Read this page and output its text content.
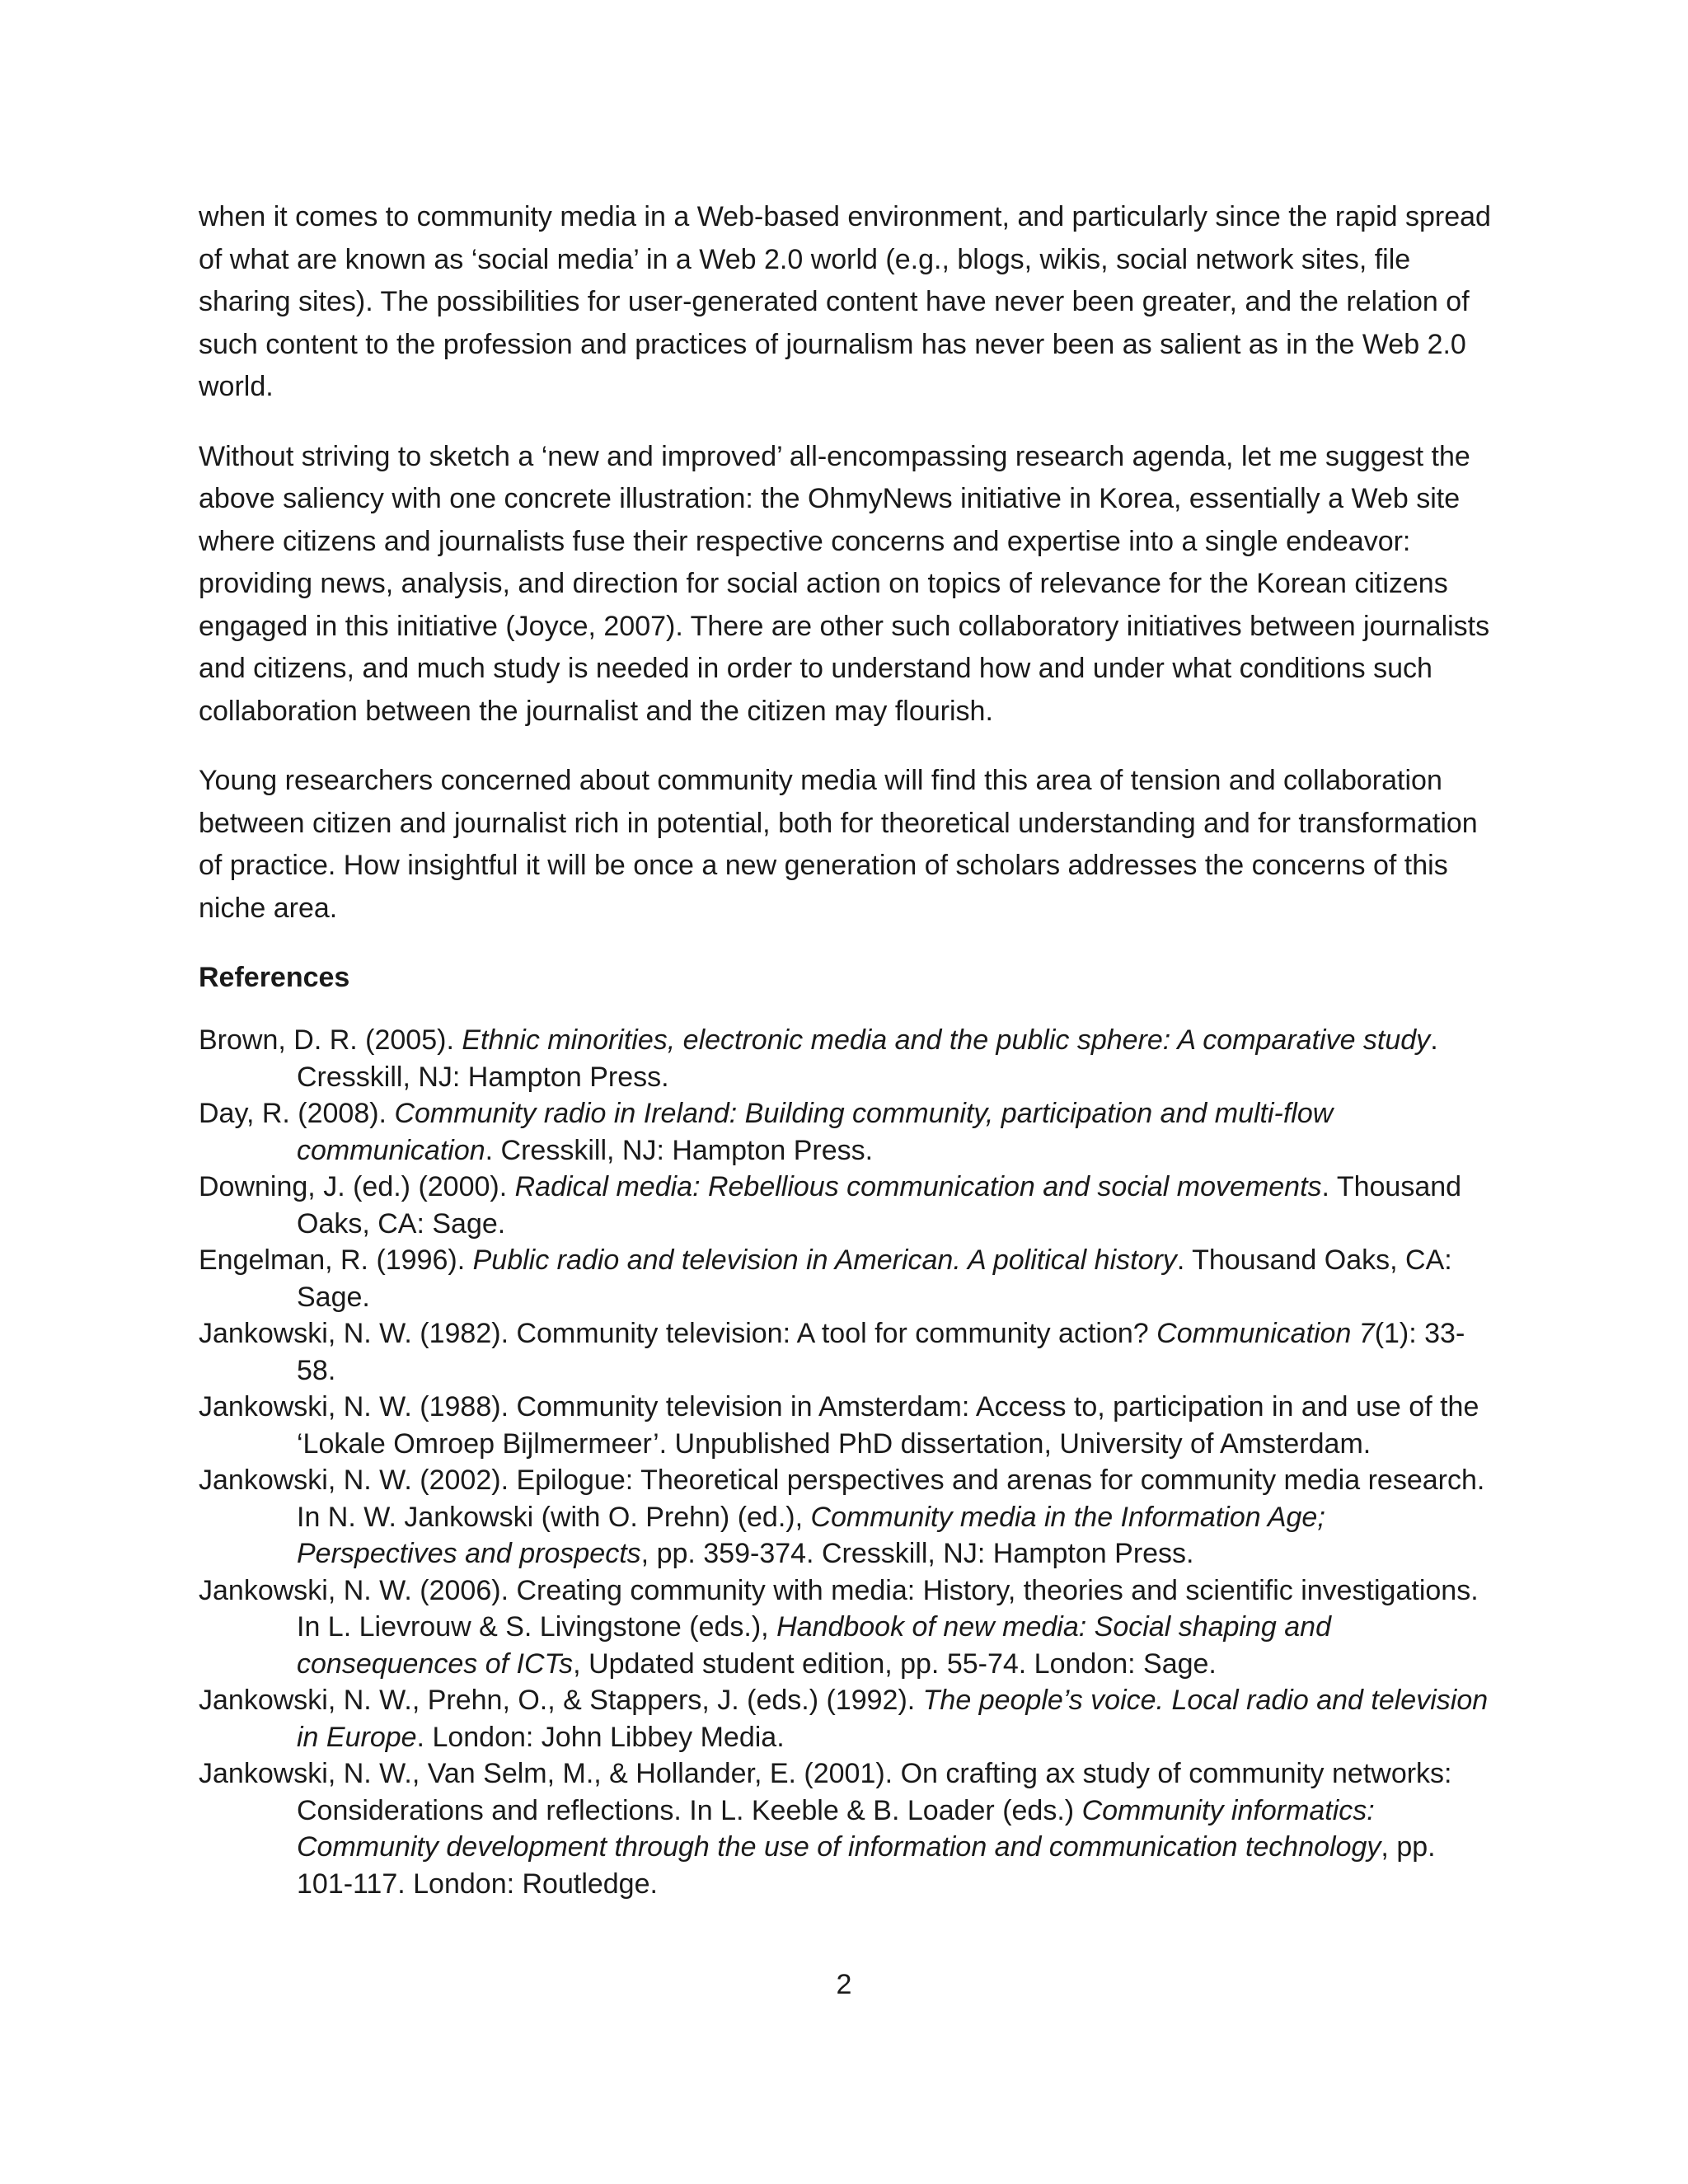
when it comes to community media in a Web-based environment, and particularly since the rapid spread of what are known as ‘social media’ in a Web 2.0 world (e.g., blogs, wikis, social network sites, file sharing sites). The possibilities for user-generated content have never been greater, and the relation of such content to the profession and practices of journalism has never been as salient as in the Web 2.0 world.

Without striving to sketch a ‘new and improved’ all-encompassing research agenda, let me suggest the above saliency with one concrete illustration: the OhmyNews initiative in Korea, essentially a Web site where citizens and journalists fuse their respective concerns and expertise into a single endeavor: providing news, analysis, and direction for social action on topics of relevance for the Korean citizens engaged in this initiative (Joyce, 2007). There are other such collaboratory initiatives between journalists and citizens, and much study is needed in order to understand how and under what conditions such collaboration between the journalist and the citizen may flourish.

Young researchers concerned about community media will find this area of tension and collaboration between citizen and journalist rich in potential, both for theoretical understanding and for transformation of practice. How insightful it will be once a new generation of scholars addresses the concerns of this niche area.

References
Brown, D. R. (2005). Ethnic minorities, electronic media and the public sphere: A comparative study. Cresskill, NJ: Hampton Press.
Day, R. (2008). Community radio in Ireland: Building community, participation and multi-flow communication. Cresskill, NJ: Hampton Press.
Downing, J. (ed.) (2000). Radical media: Rebellious communication and social movements. Thousand Oaks, CA: Sage.
Engelman, R. (1996). Public radio and television in American. A political history. Thousand Oaks, CA: Sage.
Jankowski, N. W. (1982). Community television: A tool for community action? Communication 7(1): 33-58.
Jankowski, N. W. (1988). Community television in Amsterdam: Access to, participation in and use of the ‘Lokale Omroep Bijlmermeer’. Unpublished PhD dissertation, University of Amsterdam.
Jankowski, N. W. (2002). Epilogue: Theoretical perspectives and arenas for community media research. In N. W. Jankowski (with O. Prehn) (ed.), Community media in the Information Age; Perspectives and prospects, pp. 359-374. Cresskill, NJ: Hampton Press.
Jankowski, N. W. (2006). Creating community with media: History, theories and scientific investigations. In L. Lievrouw & S. Livingstone (eds.), Handbook of new media: Social shaping and consequences of ICTs, Updated student edition, pp. 55-74. London: Sage.
Jankowski, N. W., Prehn, O., & Stappers, J. (eds.) (1992). The people’s voice. Local radio and television in Europe. London: John Libbey Media.
Jankowski, N. W., Van Selm, M., & Hollander, E. (2001). On crafting ax study of community networks: Considerations and reflections. In L. Keeble & B. Loader (eds.) Community informatics: Community development through the use of information and communication technology, pp. 101-117. London: Routledge.
2
